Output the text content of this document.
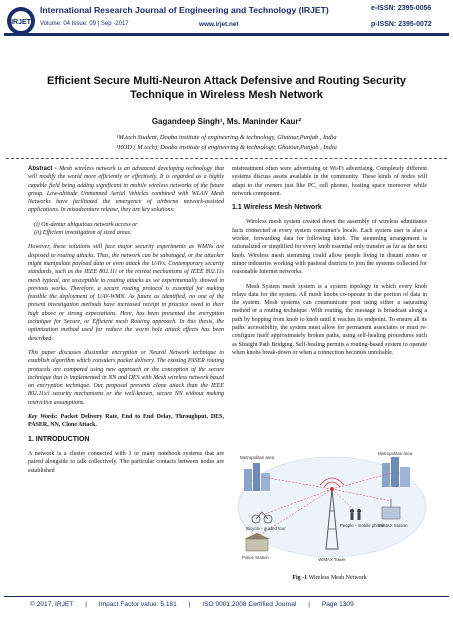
IRJET
International Research Journal of Engineering and Technology (IRJET)	e-ISSN: 2395-0056
Volume: 04 Issue: 09 | Sep -2017	www.irjet.net	p-ISSN: 2395-0072
Efficient Secure Multi-Neuron Attack Defensive and Routing Security Technique in Wireless Mesh Network
Gagandeep Singh¹, Ms. Maninder Kaur²
¹M.tech Student, Doaba institute of engineering & technology, Ghataur,Punjab , India
²HOD ( M.tech), Doaba institute of engineering & technology, Ghatour,Punjab , India

Abstract - Mesh wireless network is an advanced developing technology that will modify the world more efficiently or effectively. It is regarded as a highly capable field being adding significant in mobile wireless networks of the future group. Low-altitude Unmanned Aerial Vehicles combined with WLAN Mesh Networks have facilitated the emergence of airborne network-assisted applications. In misadventure release, they are key solutions:

(i) On-demur ubiquitous network access or
(ii) Efficient investigation of sized areas.

However, these solutions still face major security experiments as WMNs are disposed to routing attacks. Thus, the network can be sabotaged, or the attacker might manipulate payload data or even attack the UAVs. Contemporary security standards, such as the IEEE 802.11i or the retreat mechanisms of IEEE 802.11s mesh typical, are susceptible to routing attacks as we experimentally showed in previous works. Therefore, a secure routing protocol is essential for making feasible the deployment of UAV-WMN. As future as identified, no one of the present investigation methods have increased receipt in practice owed to their high above or strong expectations. Here, has been presented the encryption technique for Secure, or Efficient mesh Routing approach. In this thesis, the optimization method used for reduce the worm hole attack effects has been described.

This paper discusses dissimilar encryption or Neural Network technique to establish algorithm which considers packet delivery. The existing PASER routing protocols are compared using new approach or the conception of the secure technique that is implemented in NN and DES with Mesh wireless network based on encryption technique. Our proposal prevents clone attack than the IEEE 802.11s/i security mechanisms or the well-known, secure NN without making restrictive assumptions.

Key Words: Packet Delivery Rate, End to End Delay, Throughput, DES, PASER, NN, Clone Attack.

1. INTRODUCTION

A network is a cluster connected with 3 or many notebook systems that are paired alongside to talk collectively. The particular contacts between nodes are established

mistreatment often were advertising or Wi-Fi advertising. Completely different systems discuss assets available in the community. These kinds of nodes will adapt to the owners just like PC, cell phones, hosting space moreover while network component.

1.1 Wireless Mesh Network

Wireless mesh system created down the assembly of wireless admittance facts connected at every system consumer's locale. Each system user is also a worker, forwarding data for following knob. The stemming arrangement is rationalized or simplified for every knob essential only transfer as far as the next knob. Wireless mesh stemming could allow people living in distant zones or minor industries working with pastoral districts to join the systems collected for reasonable Internet networks.

Mesh System mesh system is a system topology in which every knob relays data for the system. All mesh knobs co-operate in the portion of data in the system. Mesh systems can communicate post using either a saturating method or a routing technique .With routing, the message is broadcast along a path by hopping from knob to knob until it reaches its endpoint. To ensure all its paths' accessibility, the system must allow for permanent associates or must re-configure itself approximately broken paths, using self-healing procedures such as Straight Path Bridging. Self-healing permits a routing-based system to operate when knobs break-down or when a connection becomes unreliable.

Metropolitan area
Metropolitan area
WiMAX Station
Bicycle - guided tour
People - mobile phone
Police Station	WiMAX Tower
Fig -1 Wireless Mesh Network
© 2017, IRJET | Impact Factor value: 5.181 | ISO 9001:2008 Certified Journal | Page 1309
